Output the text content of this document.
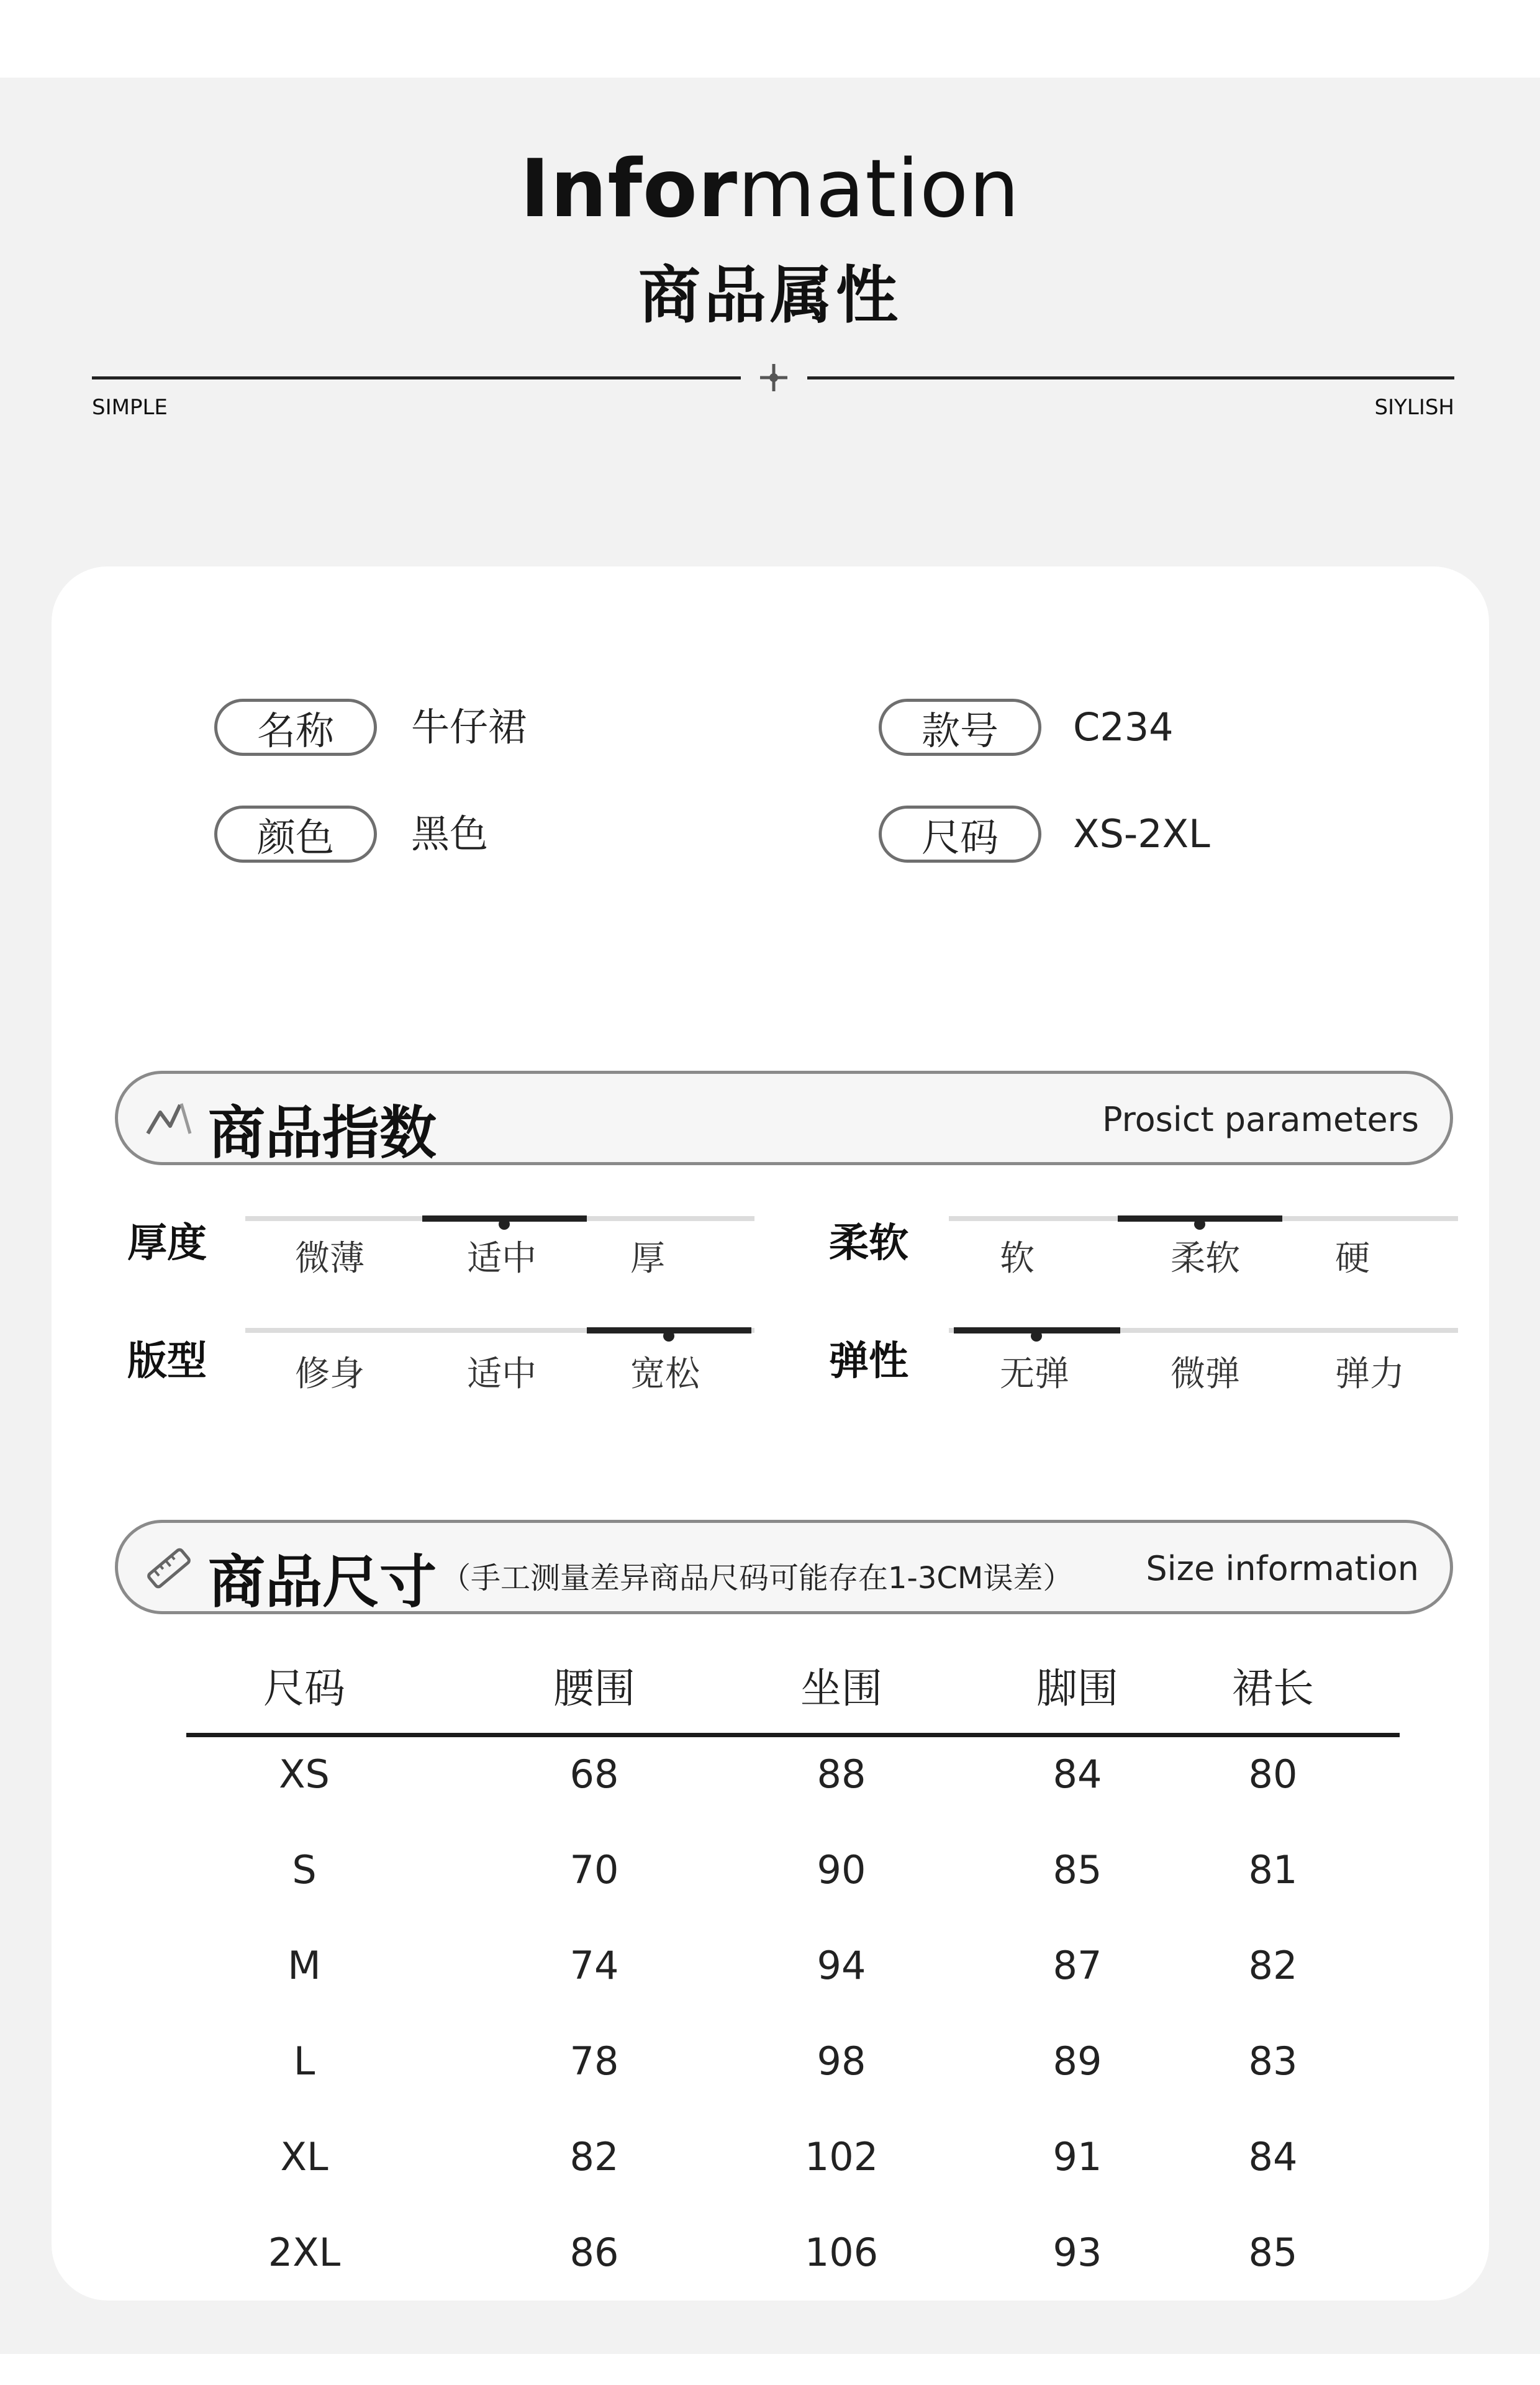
Information
商品属性
SIMPLE	SIYLISH
名称	牛仔裙	款号	C234
颜色	黑色	尺码	XS-2XL
商品指数	Prosict parameters
厚度	微薄	适中	厚	柔软	软	柔软	硬
版型	修身	适中	宽松	弹性	无弹	微弹	弹力
商品尺寸 （手工测量差异商品尺码可能存在1-3CM误差） Size information
尺码	腰围	坐围	脚围	裙长
XS	68	88	84	80
S	70	90	85	81
M	74	94	87	82
L	78	98	89	83
XL	82	102	91	84
2XL	86	106	93	85
